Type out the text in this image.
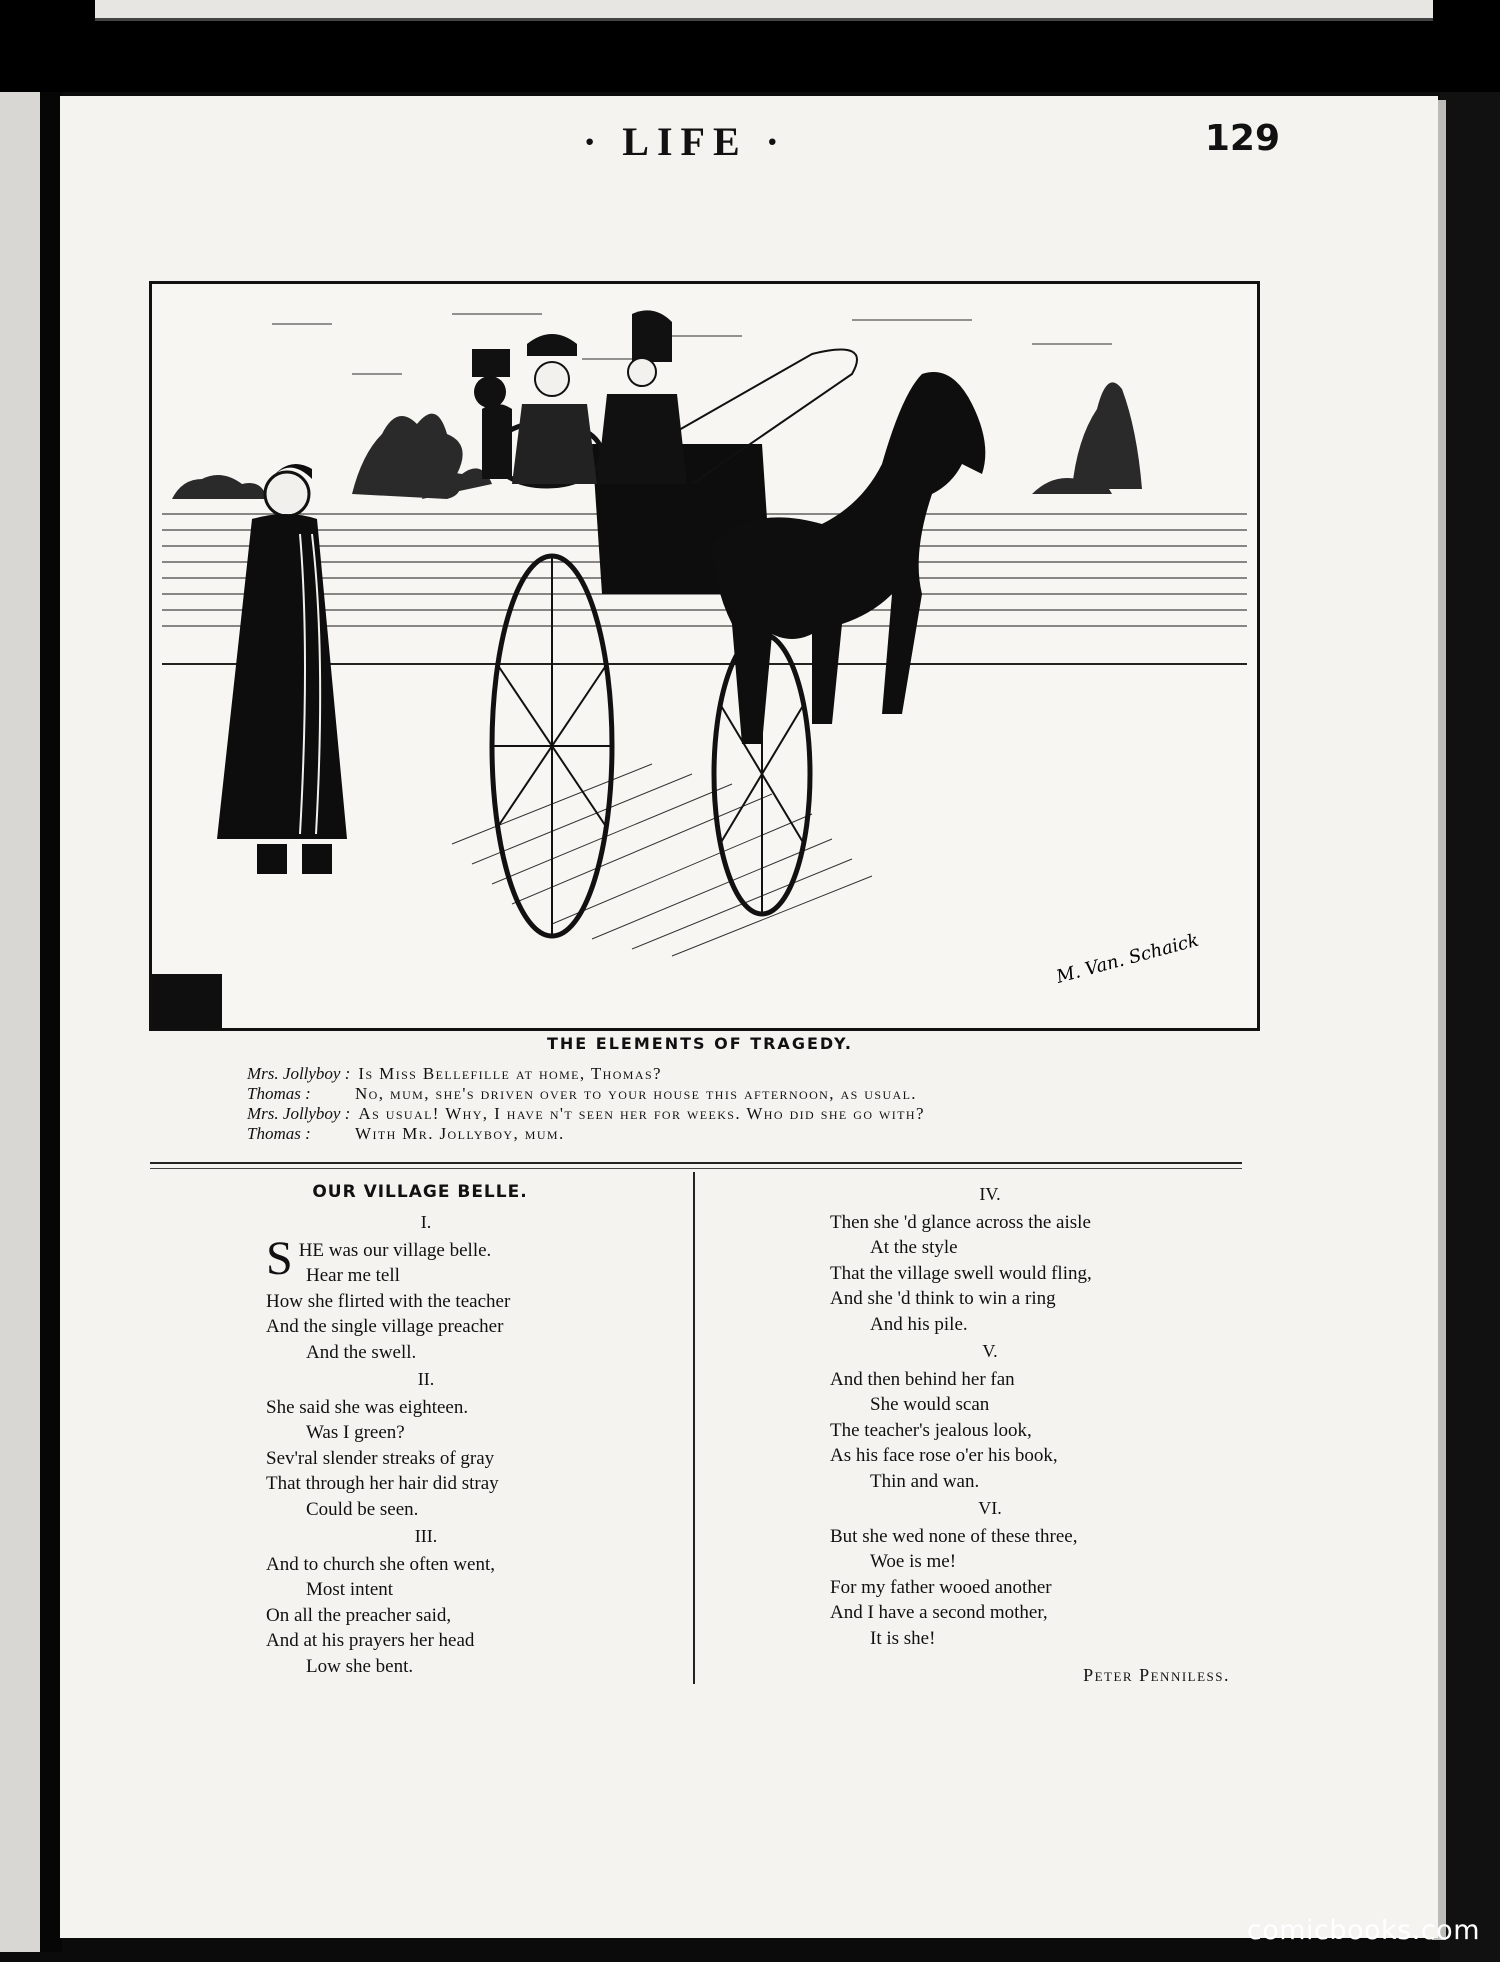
· LIFE ·	129
M. Van. Schaick
THE ELEMENTS OF TRAGEDY.
Mrs. Jollyboy : Is Miss Bellefille at home, Thomas?
Thomas :	No, mum, she's driven over to your house this afternoon, as usual.
Mrs. Jollyboy : As usual! Why, I have n't seen her for weeks. Who did she go with?
Thomas :	With Mr. Jollyboy, mum.
OUR VILLAGE BELLE.
I.
S HE was our village belle.
Hear me tell
How she flirted with the teacher
And the single village preacher
And the swell.
II.
She said she was eighteen.
Was I green?
Sev'ral slender streaks of gray
That through her hair did stray
Could be seen.
III.
And to church she often went,
Most intent
On all the preacher said,
And at his prayers her head
Low she bent.
IV.
Then she 'd glance across the aisle
At the style
That the village swell would fling,
And she 'd think to win a ring
And his pile.
V.
And then behind her fan
She would scan
The teacher's jealous look,
As his face rose o'er his book,
Thin and wan.
VI.
But she wed none of these three,
Woe is me!
For my father wooed another
And I have a second mother,
It is she!
Peter Penniless.
comicbooks.com
